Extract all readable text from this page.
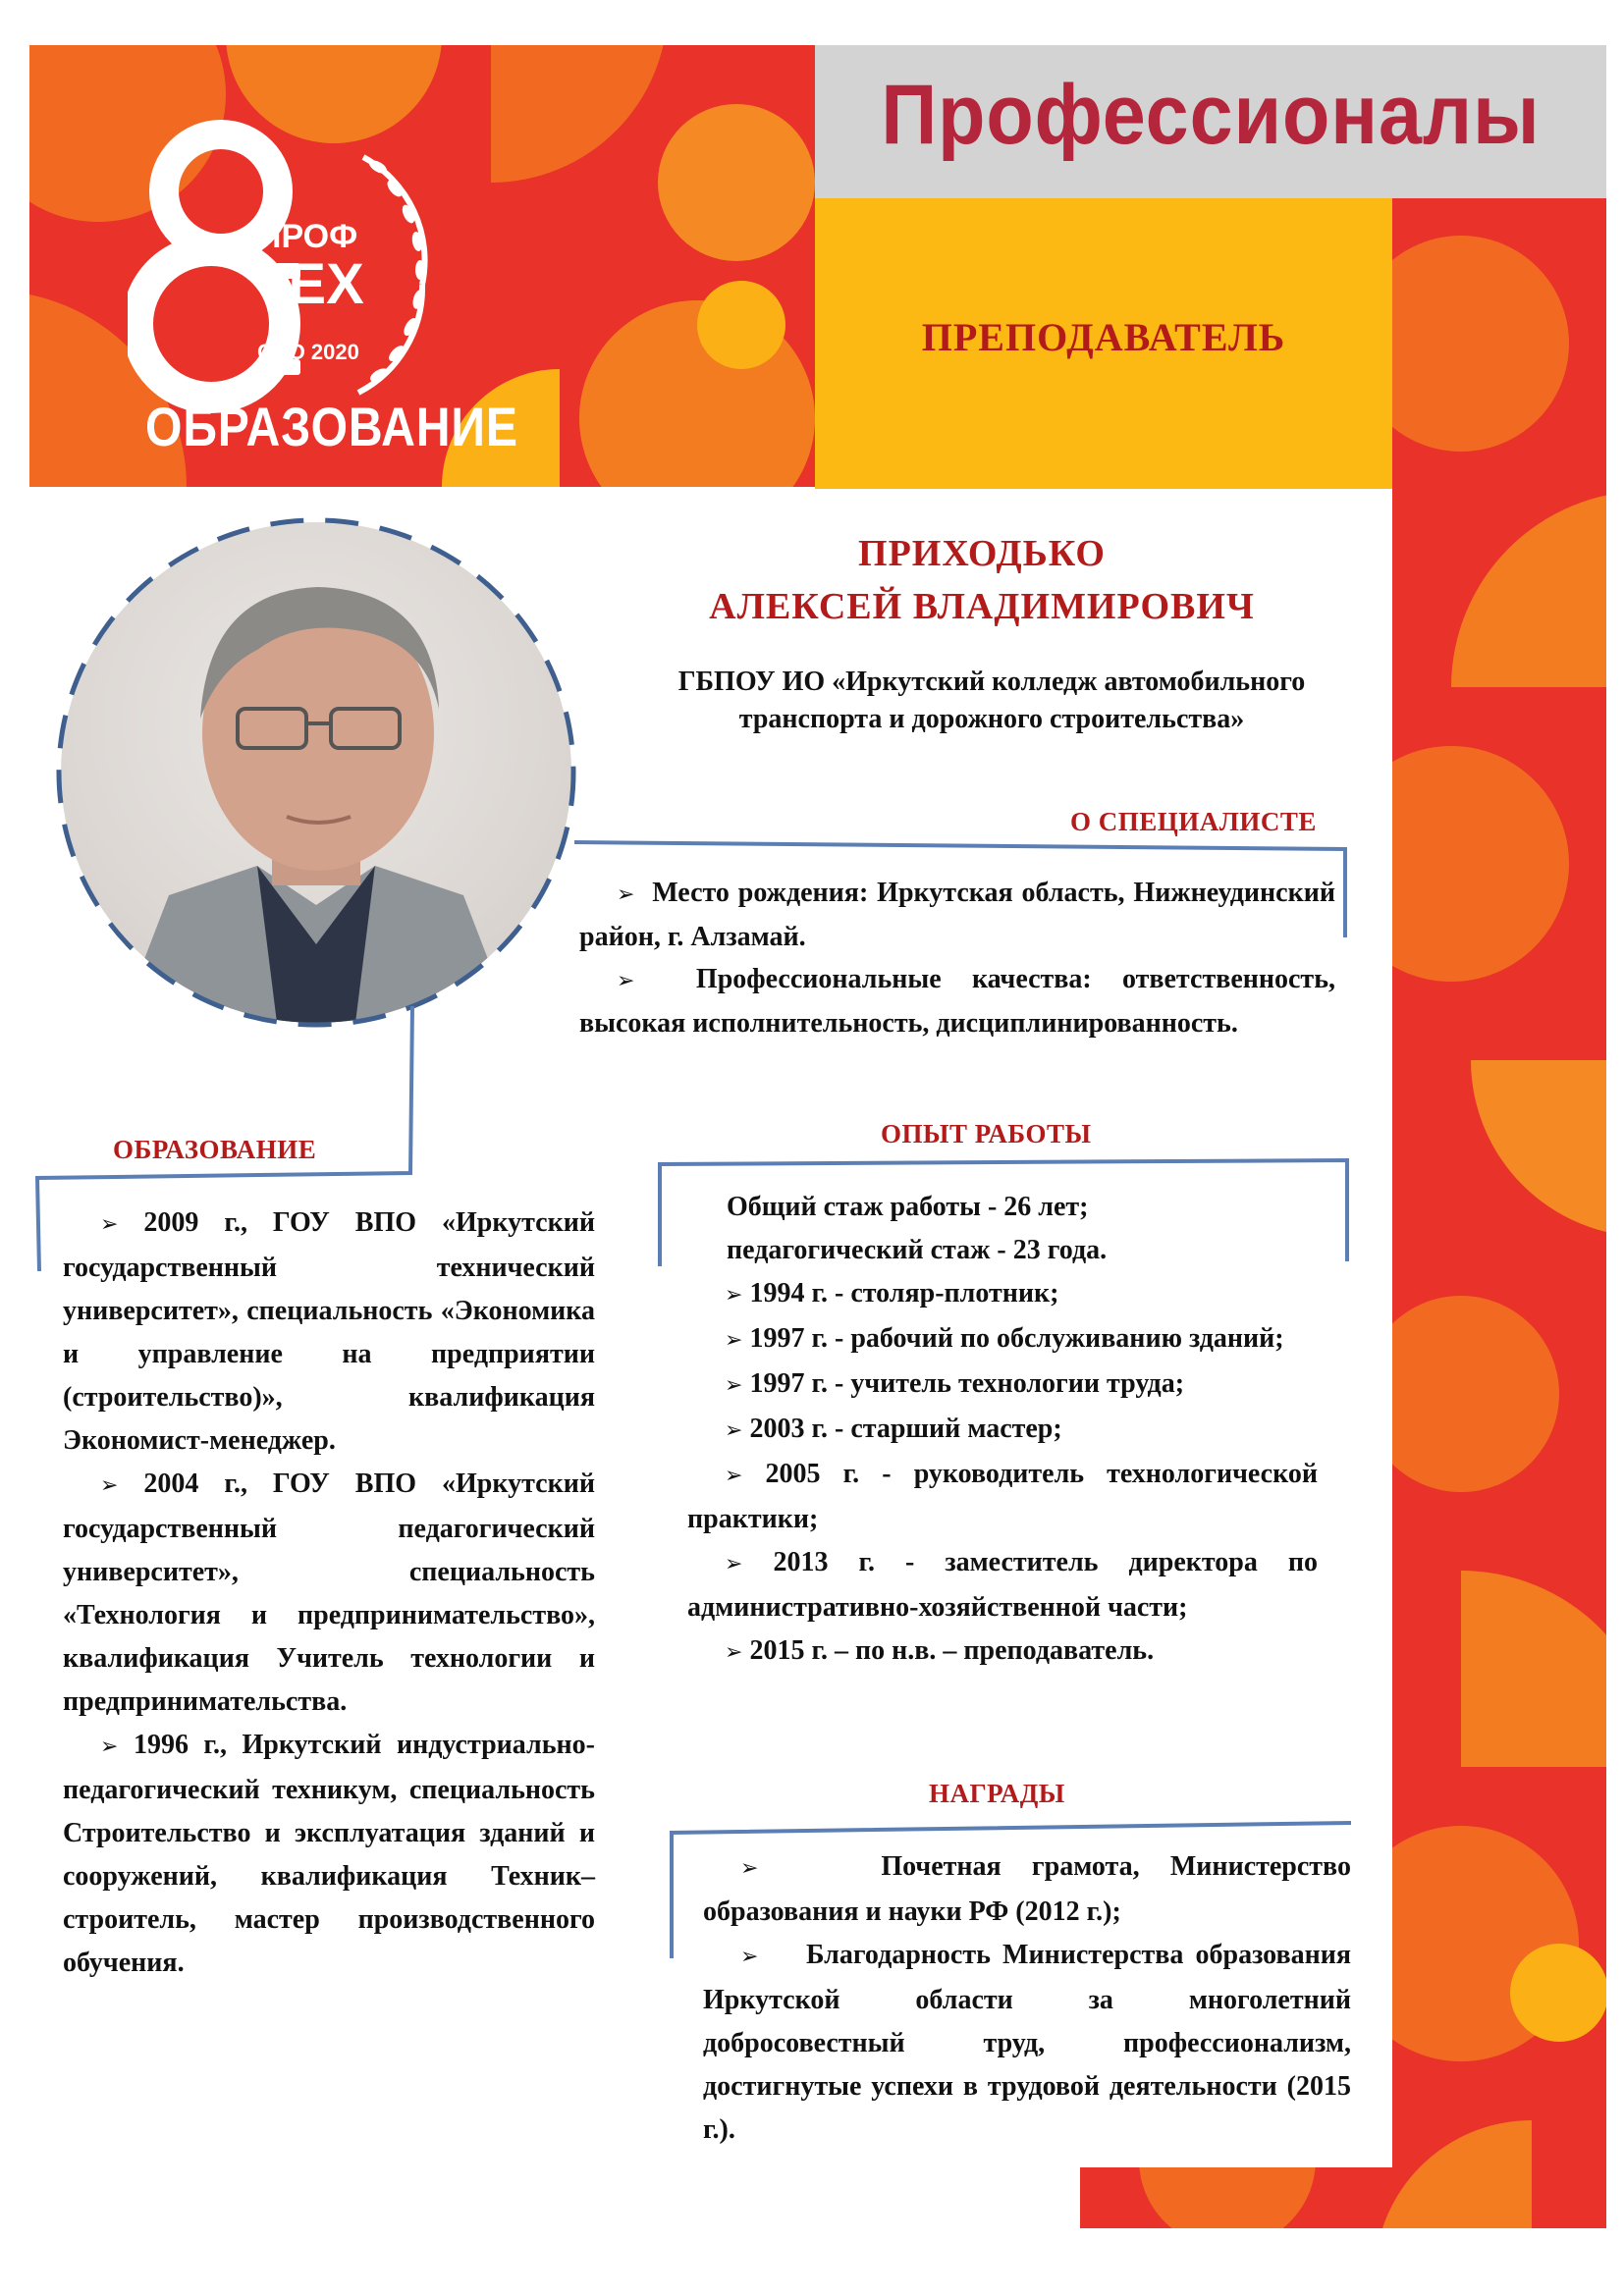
Профессионалы
ПРЕПОДАВАТЕЛЬ
ПРОФ
ТЕХ
СПО 2020
ОБРАЗОВАНИЕ
ПРИХОДЬКО
АЛЕКСЕЙ ВЛАДИМИРОВИЧ
ГБПОУ ИО «Иркутский колледж автомобильного транспорта и дорожного строительства»
О СПЕЦИАЛИСТЕ

➢ Место рождения: Иркутская область, Нижнеудинский район, г. Алзамай.

➢ Профессиональные качества: ответственность, высокая исполнительность, дисциплинированность.

ОБРАЗОВАНИЕ

➢ 2009 г., ГОУ ВПО «Иркутский государственный технический университет», специальность «Экономика и управление на предприятии (строительство)», квалификация Экономист-менеджер.

➢ 2004 г., ГОУ ВПО «Иркутский государственный педагогический университет», специальность «Технология и предпринимательство», квалификация Учитель технологии и предпринимательства.

➢ 1996 г., Иркутский индустриально-педагогический техникум, специальность Строительство и эксплуатация зданий и сооружений, квалификация Техник–строитель, мастер производственного обучения.

ОПЫТ РАБОТЫ

Общий стаж работы - 26 лет;

педагогический стаж - 23 года.

➢ 1994 г. - столяр-плотник;

➢ 1997 г. - рабочий по обслуживанию зданий;

➢ 1997 г. - учитель технологии труда;

➢ 2003 г. - старший мастер;

➢ 2005 г. - руководитель технологической практики;

➢ 2013 г. - заместитель директора по административно-хозяйственной части;

➢ 2015 г. – по н.в. – преподаватель.

НАГРАДЫ

➢	Почетная грамота, Министерство образования и науки РФ (2012 г.);

➢ Благодарность Министерства образования Иркутской области за многолетний добросовестный труд, профессионализм, достигнутые успехи в трудовой деятельности (2015 г.).
